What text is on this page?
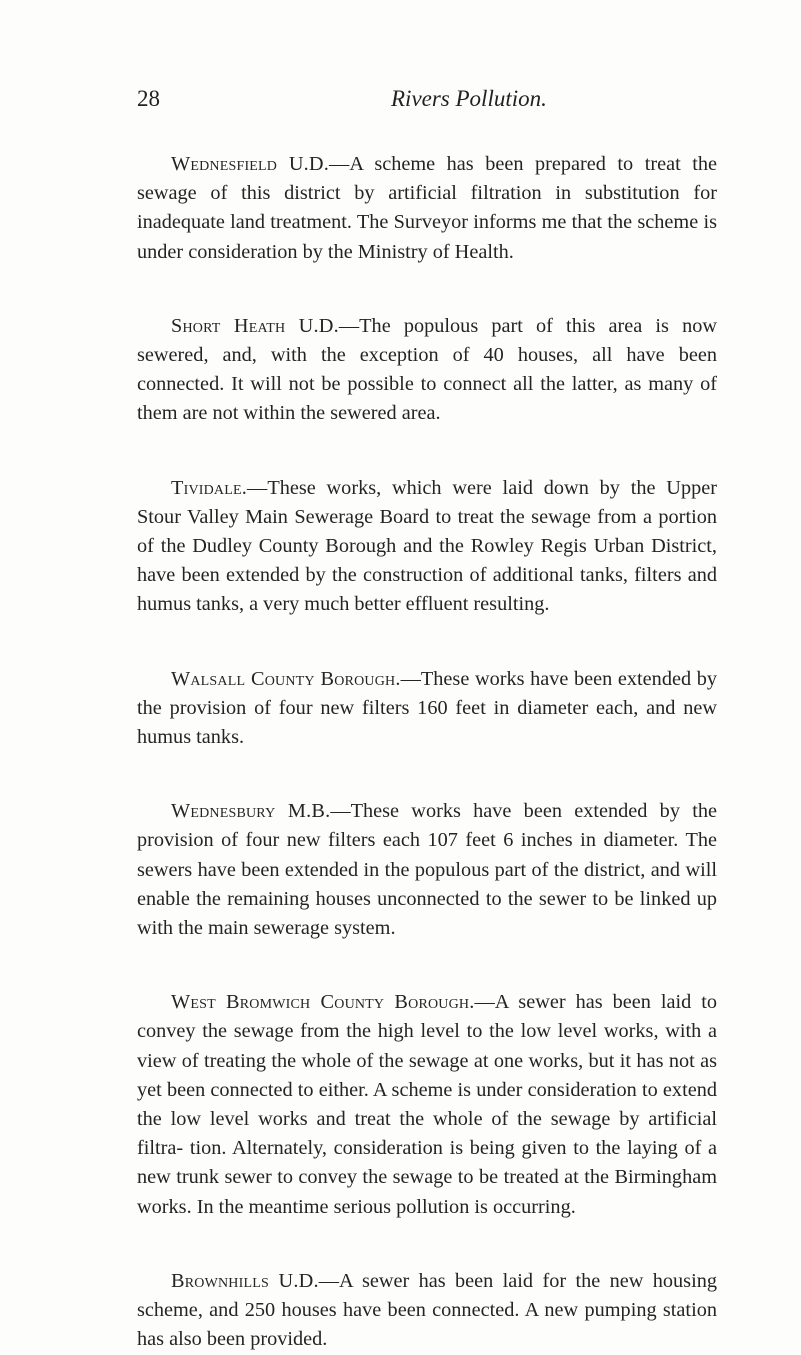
28	Rivers Pollution.

Wednesfield U.D.—A scheme has been prepared to treat the sewage of this district by artificial filtration in substitution for inadequate land treatment. The Surveyor informs me that the scheme is under consideration by the Ministry of Health.

Short Heath U.D.—The populous part of this area is now sewered, and, with the exception of 40 houses, all have been connected. It will not be possible to connect all the latter, as many of them are not within the sewered area.

Tividale.—These works, which were laid down by the Upper Stour Valley Main Sewerage Board to treat the sewage from a portion of the Dudley County Borough and the Rowley Regis Urban District, have been extended by the construction of additional tanks, filters and humus tanks, a very much better effluent resulting.

Walsall County Borough.—These works have been extended by the provision of four new filters 160 feet in diameter each, and new humus tanks.

Wednesbury M.B.—These works have been extended by the provision of four new filters each 107 feet 6 inches in diameter. The sewers have been extended in the populous part of the district, and will enable the remaining houses unconnected to the sewer to be linked up with the main sewerage system.

West Bromwich County Borough.—A sewer has been laid to convey the sewage from the high level to the low level works, with a view of treating the whole of the sewage at one works, but it has not as yet been connected to either. A scheme is under consideration to extend the low level works and treat the whole of the sewage by artificial filtra- tion. Alternately, consideration is being given to the laying of a new trunk sewer to convey the sewage to be treated at the Birmingham works. In the meantime serious pollution is occurring.

Brownhills U.D.—A sewer has been laid for the new housing scheme, and 250 houses have been connected. A new pumping station has also been provided.
